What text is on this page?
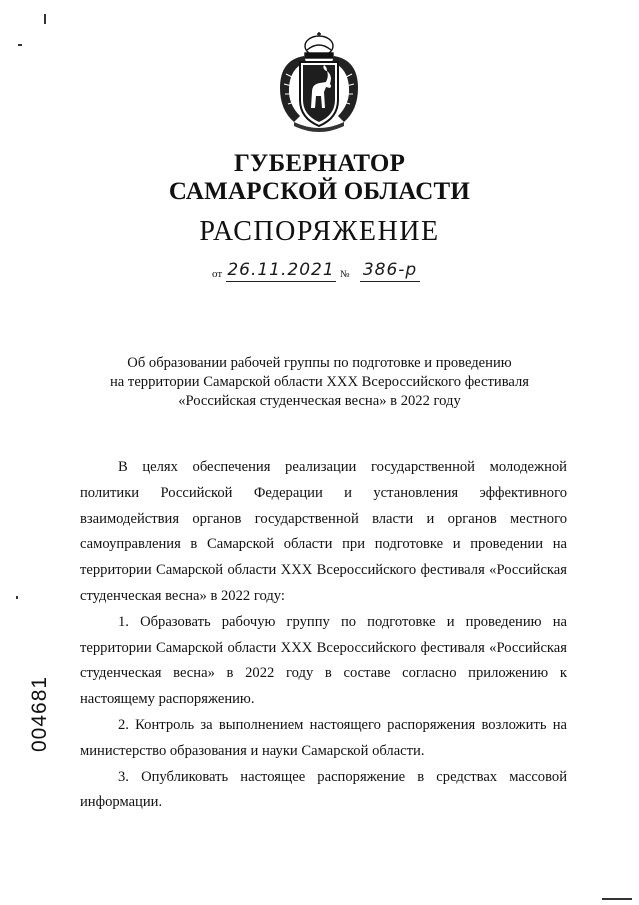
ГУБЕРНАТОР
САМАРСКОЙ ОБЛАСТИ
РАСПОРЯЖЕНИЕ
от 26.11.2021 № 386-р
Об образовании рабочей группы по подготовке и проведению
на территории Самарской области XXX Всероссийского фестиваля
«Российская студенческая весна» в 2022 году

В целях обеспечения реализации государственной молодежной политики Российской Федерации и установления эффективного взаимодействия органов государственной власти и органов местного самоуправления в Самарской области при подготовке и проведении на территории Самарской области XXX Всероссийского фестиваля «Российская студенческая весна» в 2022 году:

1. Образовать рабочую группу по подготовке и проведению на территории Самарской области XXX Всероссийского фестиваля «Российская студенческая весна» в 2022 году в составе согласно приложению к настоящему распоряжению.

2. Контроль за выполнением настоящего распоряжения возложить на министерство образования и науки Самарской области.

3. Опубликовать настоящее распоряжение в средствах массовой информации.

004681
